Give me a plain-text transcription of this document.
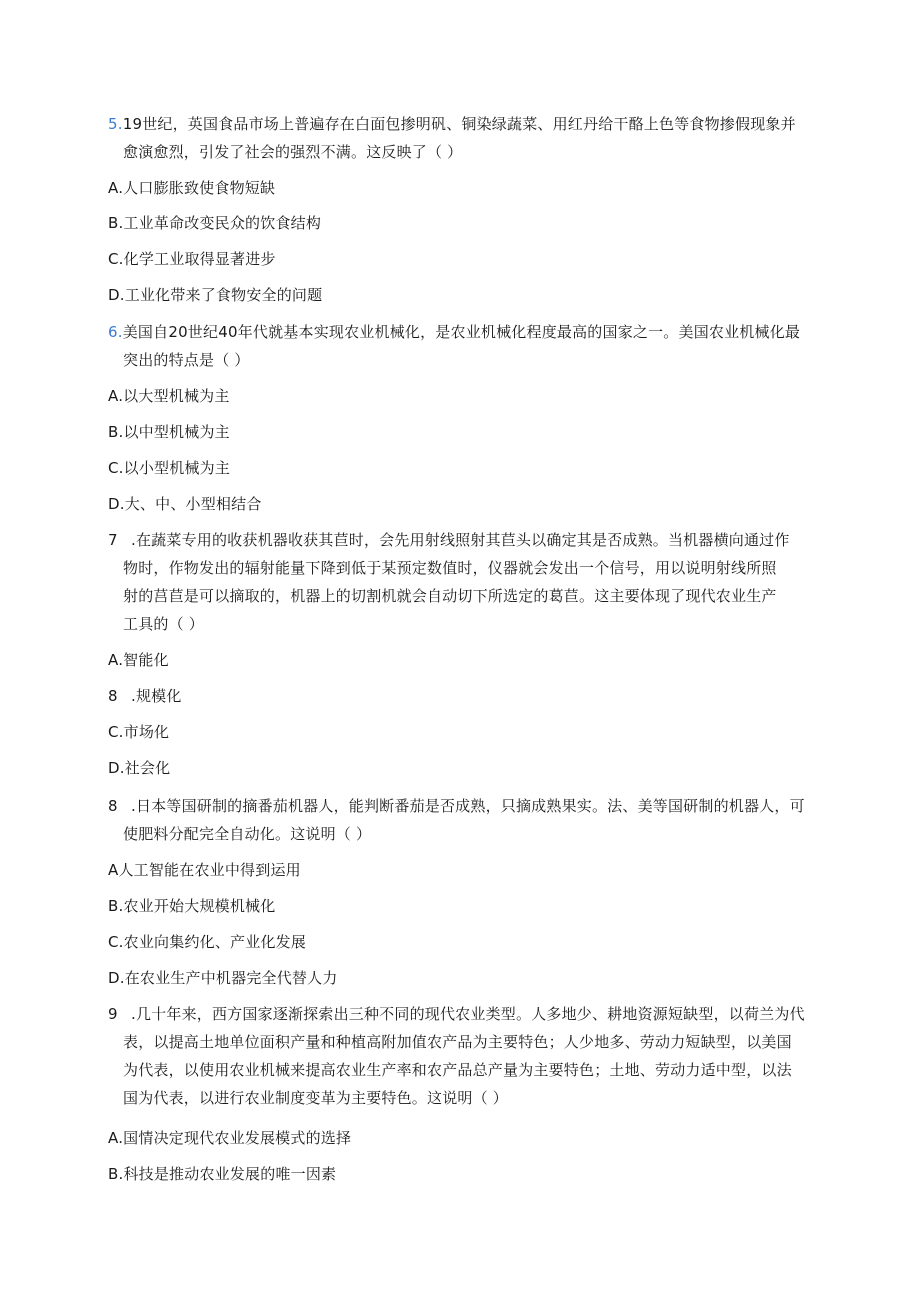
5.19世纪，英国食品市场上普遍存在白面包掺明矾、铜染绿蔬菜、用红丹给干酪上色等食物掺假现象并
愈演愈烈，引发了社会的强烈不满。这反映了（ ）
A.人口膨胀致使食物短缺
B.工业革命改变民众的饮食结构
C.化学工业取得显著进步
D.工业化带来了食物安全的问题
6.美国自20世纪40年代就基本实现农业机械化，是农业机械化程度最高的国家之一。美国农业机械化最
突出的特点是（ ）
A.以大型机械为主
B.以中型机械为主
C.以小型机械为主
D.大、中、小型相结合
7 .在蔬菜专用的收获机器收获其苣时，会先用射线照射其苣头以确定其是否成熟。当机器横向通过作
物时，作物发出的辐射能量下降到低于某预定数值时，仪器就会发出一个信号，用以说明射线所照
射的莒苣是可以摘取的，机器上的切割机就会自动切下所选定的葛苣。这主要体现了现代农业生产
工具的（ ）
A.智能化
8 .规模化
C.市场化
D.社会化
8 .日本等国研制的摘番茄机器人，能判断番茄是否成熟，只摘成熟果实。法、美等国研制的机器人，可
使肥料分配完全自动化。这说明（ ）
A人工智能在农业中得到运用
B.农业开始大规模机械化
C.农业向集约化、产业化发展
D.在农业生产中机器完全代替人力
9 .几十年来，西方国家逐渐探索出三种不同的现代农业类型。人多地少、耕地资源短缺型，以荷兰为代
表，以提高土地单位面积产量和种植高附加值农产品为主要特色；人少地多、劳动力短缺型，以美国
为代表，以使用农业机械来提高农业生产率和农产品总产量为主要特色；土地、劳动力适中型，以法
国为代表，以进行农业制度变革为主要特色。这说明（ ）
A.国情决定现代农业发展模式的选择
B.科技是推动农业发展的唯一因素
